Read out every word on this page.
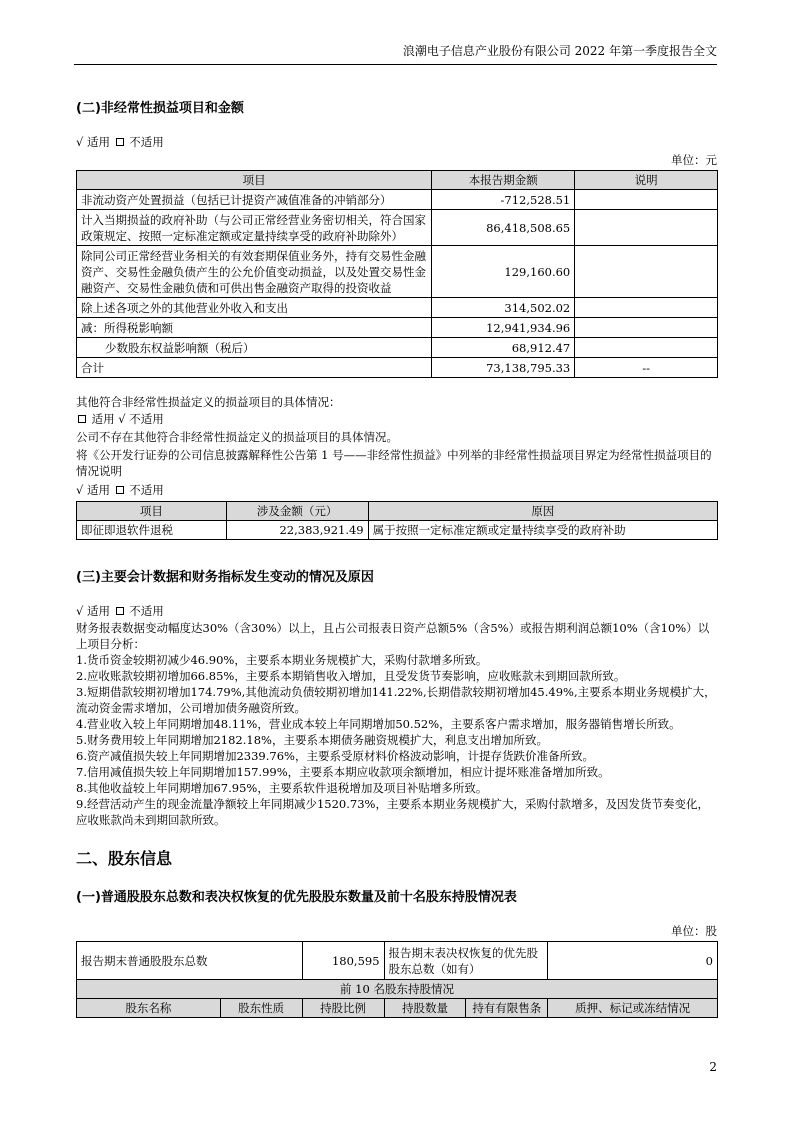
浪潮电子信息产业股份有限公司 2022 年第一季度报告全文
(二)非经常性损益项目和金额
√ 适用 不适用
单位：元
项目	本报告期金额	说明
非流动资产处置损益（包括已计提资产减值准备的冲销部分）	-712,528.51	
计入当期损益的政府补助（与公司正常经营业务密切相关，符合国家政策规定、按照一定标准定额或定量持续享受的政府补助除外）	86,418,508.65	
除同公司正常经营业务相关的有效套期保值业务外，持有交易性金融资产、交易性金融负债产生的公允价值变动损益，以及处置交易性金融资产、交易性金融负债和可供出售金融资产取得的投资收益	129,160.60	
除上述各项之外的其他营业外收入和支出	314,502.02	
减：所得税影响额	12,941,934.96	
少数股东权益影响额（税后）	68,912.47	
合计	73,138,795.33	--
其他符合非经常性损益定义的损益项目的具体情况：
适用 √ 不适用
公司不存在其他符合非经常性损益定义的损益项目的具体情况。
将《公开发行证券的公司信息披露解释性公告第 1 号——非经常性损益》中列举的非经常性损益项目界定为经常性损益项目的情况说明
√ 适用 不适用
项目	涉及金额（元）	原因
即征即退软件退税	22,383,921.49	属于按照一定标准定额或定量持续享受的政府补助
(三)主要会计数据和财务指标发生变动的情况及原因
√ 适用 不适用

财务报表数据变动幅度达30%（含30%）以上，且占公司报表日资产总额5%（含5%）或报告期利润总额10%（含10%）以上项目分析：

1.货币资金较期初减少46.90%，主要系本期业务规模扩大，采购付款增多所致。

2.应收账款较期初增加66.85%，主要系本期销售收入增加，且受发货节奏影响，应收账款未到期回款所致。

3.短期借款较期初增加174.79%,其他流动负债较期初增加141.22%,长期借款较期初增加45.49%,主要系本期业务规模扩大，流动资金需求增加，公司增加债务融资所致。

4.营业收入较上年同期增加48.11%，营业成本较上年同期增加50.52%，主要系客户需求增加，服务器销售增长所致。

5.财务费用较上年同期增加2182.18%，主要系本期债务融资规模扩大，利息支出增加所致。

6.资产减值损失较上年同期增加2339.76%，主要系受原材料价格波动影响，计提存货跌价准备所致。

7.信用减值损失较上年同期增加157.99%，主要系本期应收款项余额增加，相应计提坏账准备增加所致。

8.其他收益较上年同期增加67.95%，主要系软件退税增加及项目补贴增多所致。

9.经营活动产生的现金流量净额较上年同期减少1520.73%，主要系本期业务规模扩大，采购付款增多，及因发货节奏变化，应收账款尚未到期回款所致。

二、股东信息
(一)普通股股东总数和表决权恢复的优先股股东数量及前十名股东持股情况表
单位：股
报告期末普通股股东总数		180,595	报告期末表决权恢复的优先股股东总数（如有）		0
前 10 名股东持股情况					
股东名称	股东性质	持股比例	持股数量	持有有限售条	质押、标记或冻结情况
2
